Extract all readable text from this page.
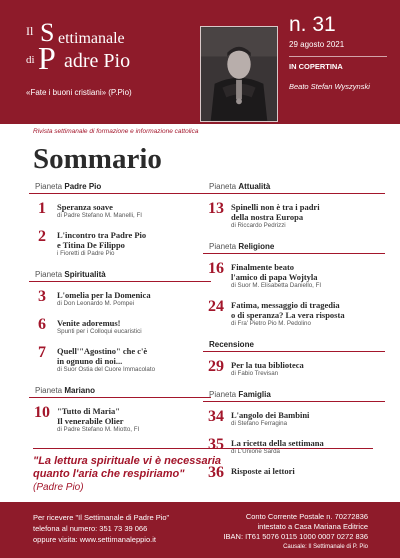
Il S ettimanale
di P adre Pio
«Fate i buoni cristiani» (P.Pio)
n. 31
29 agosto 2021
IN COPERTINA
Beato Stefan Wyszynski
Rivista settimanale di formazione e informazione cattolica
Sommario
Pianeta Padre Pio
1	Speranza soave
di Padre Stefano M. Manelli, FI
2	L'incontro tra Padre Pio
e Titina De Filippo
i Fioretti di Padre Pio
Pianeta Spiritualità
3	L'omelia per la Domenica
di Don Leonardo M. Pompei
6	Venite adoremus!
Spunti per i Colloqui eucaristici
7	Quell'"Agostino" che c'è
in ognuno di noi...
di Suor Ostia del Cuore Immacolato
Pianeta Mariano
10 "Tutto di Maria"
Il venerabile Olier
di Padre Stefano M. Miotto, FI
Pianeta Attualità
13 Spinelli non è tra i padri
della nostra Europa
di Riccardo Pedrizzi
Pianeta Religione
16 Finalmente beato
l'amico di papa Wojtyla
di Suor M. Elisabetta Daniello, FI
24 Fatima, messaggio di tragedia
o di speranza? La vera risposta
di Fra' Pietro Pio M. Pedolino
Recensione
29 Per la tua biblioteca
di Fabio Trevisan
Pianeta Famiglia
34 L'angolo dei Bambini
di Stefano Ferragina
35 La ricetta della settimana
di L'Unione Sarda
36 Risposte ai lettori
"La lettura spirituale vi è necessaria
quanto l'aria che respiriamo"
(Padre Pio)
Per ricevere "Il Settimanale di Padre Pio"
telefona al numero: 351 73 39 066
oppure visita: www.settimanaleppio.it
Conto Corrente Postale n. 70272836
intestato a Casa Mariana Editrice
IBAN: IT61 5076 0115 1000 0007 0272 836
Causale: Il Settimanale di P. Pio
